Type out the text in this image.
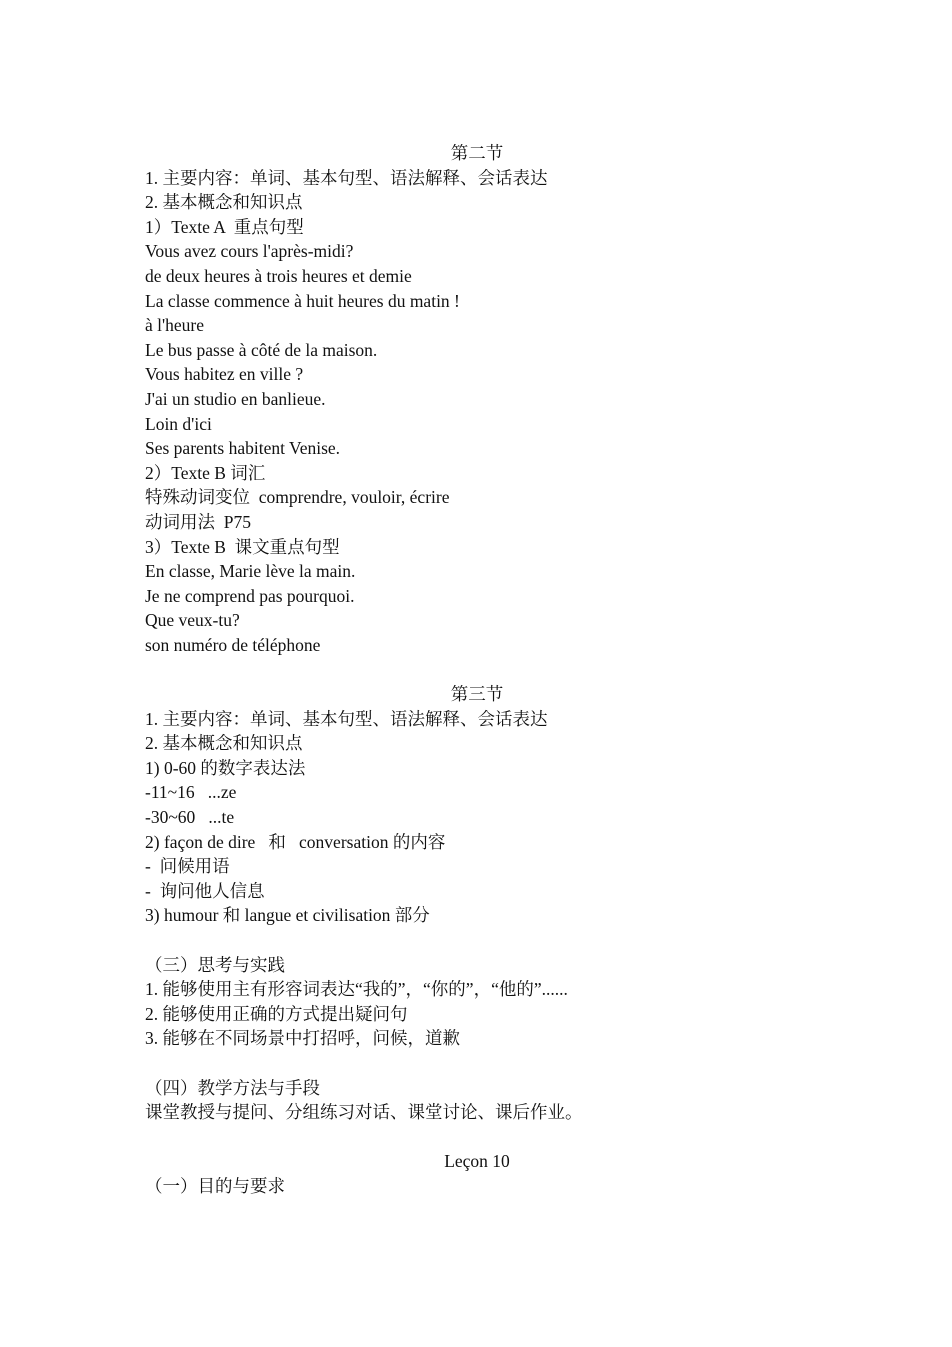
第二节
1. 主要内容：单词、基本句型、语法解释、会话表达
2. 基本概念和知识点
1）Texte A  重点句型
Vous avez cours l'après-midi?
de deux heures à trois heures et demie
La classe commence à huit heures du matin !
à l'heure
Le bus passe à côté de la maison.
Vous habitez en ville ?
J'ai un studio en banlieue.
Loin d'ici
Ses parents habitent Venise.
2）Texte B 词汇
特殊动词变位  comprendre, vouloir, écrire
动词用法  P75
3）Texte B  课文重点句型
En classe, Marie lève la main.
Je ne comprend pas pourquoi.
Que veux-tu?
son numéro de téléphone
第三节
1. 主要内容：单词、基本句型、语法解释、会话表达
2. 基本概念和知识点
1) 0-60 的数字表达法
-11~16   ...ze
-30~60   ...te
2) façon de dire   和   conversation 的内容
-  问候用语
-  询问他人信息
3) humour 和 langue et civilisation 部分
（三）思考与实践
1. 能够使用主有形容词表达“我的”，“你的”，“他的”......
2. 能够使用正确的方式提出疑问句
3. 能够在不同场景中打招呼，问候，道歉
（四）教学方法与手段
课堂教授与提问、分组练习对话、课堂讨论、课后作业。
Leçon 10
（一）目的与要求
